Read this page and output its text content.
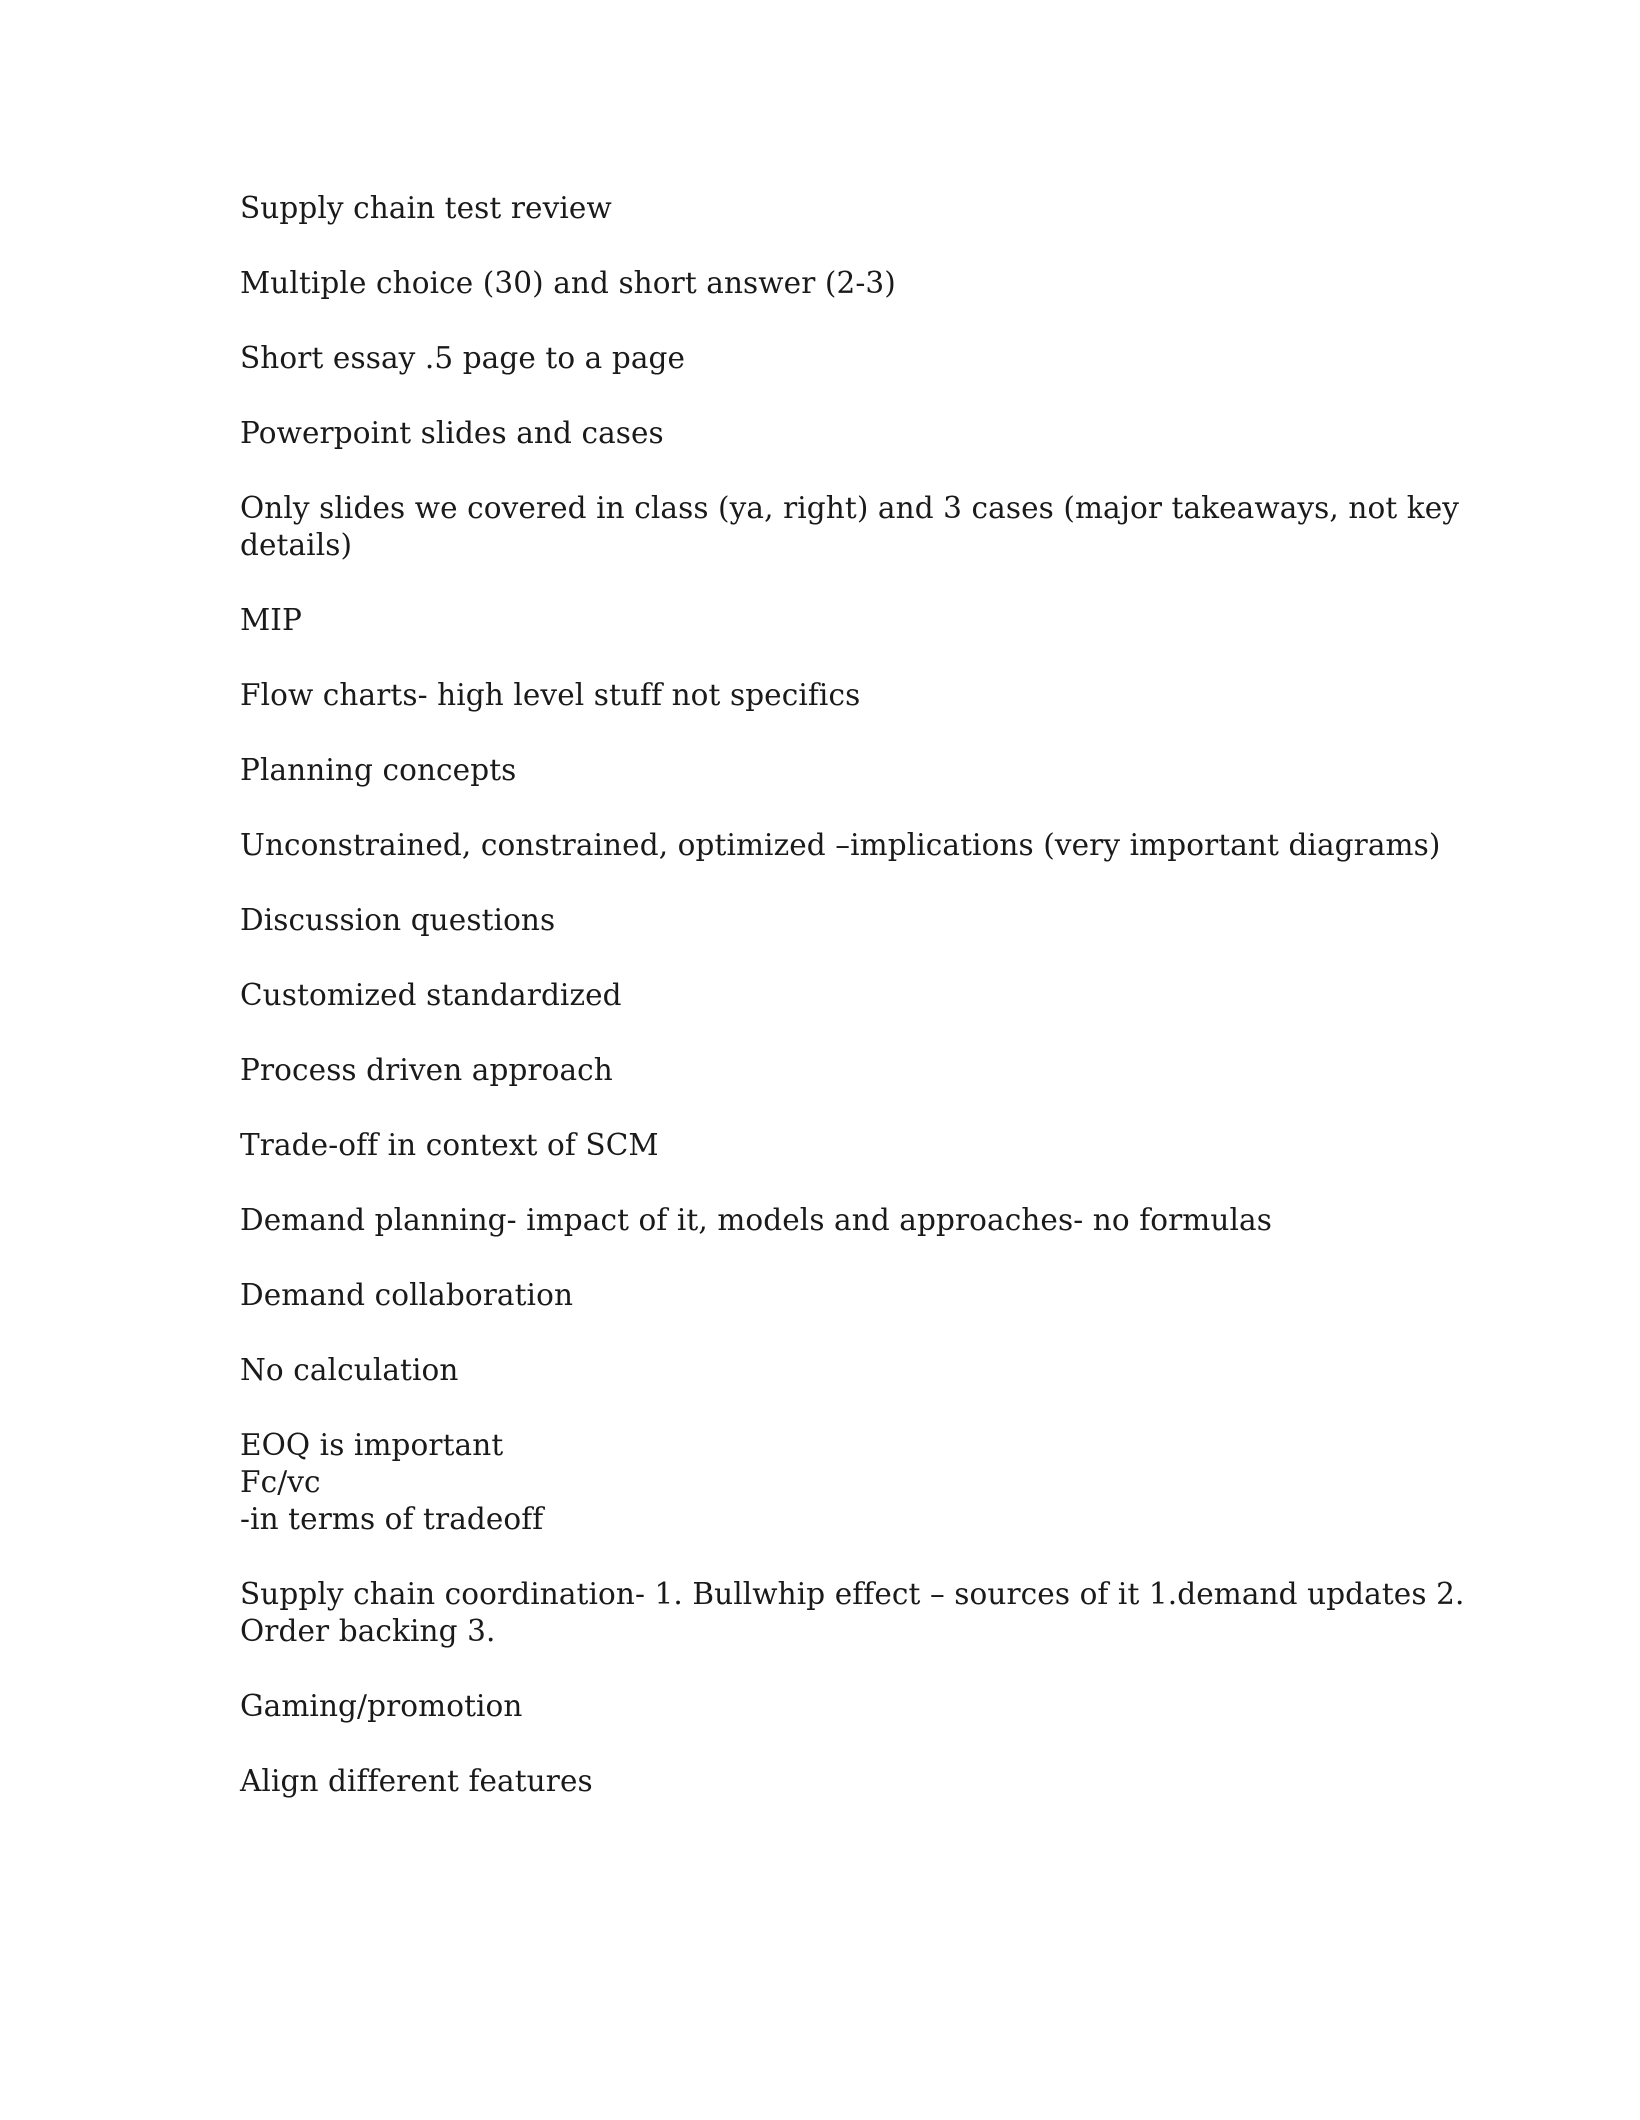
Supply chain test review

Multiple choice (30) and short answer (2-3)

Short essay .5 page to a page

Powerpoint slides and cases

Only slides we covered in class (ya, right) and 3 cases (major takeaways, not key
details)

MIP

Flow charts- high level stuff not specifics

Planning concepts

Unconstrained, constrained, optimized –implications (very important diagrams)

Discussion questions

Customized standardized

Process driven approach

Trade-off in context of SCM

Demand planning- impact of it, models and approaches- no formulas

Demand collaboration

No calculation

EOQ is important
Fc/vc
-in terms of tradeoff

Supply chain coordination- 1. Bullwhip effect – sources of it 1.demand updates 2.
Order backing 3.

Gaming/promotion

Align different features
